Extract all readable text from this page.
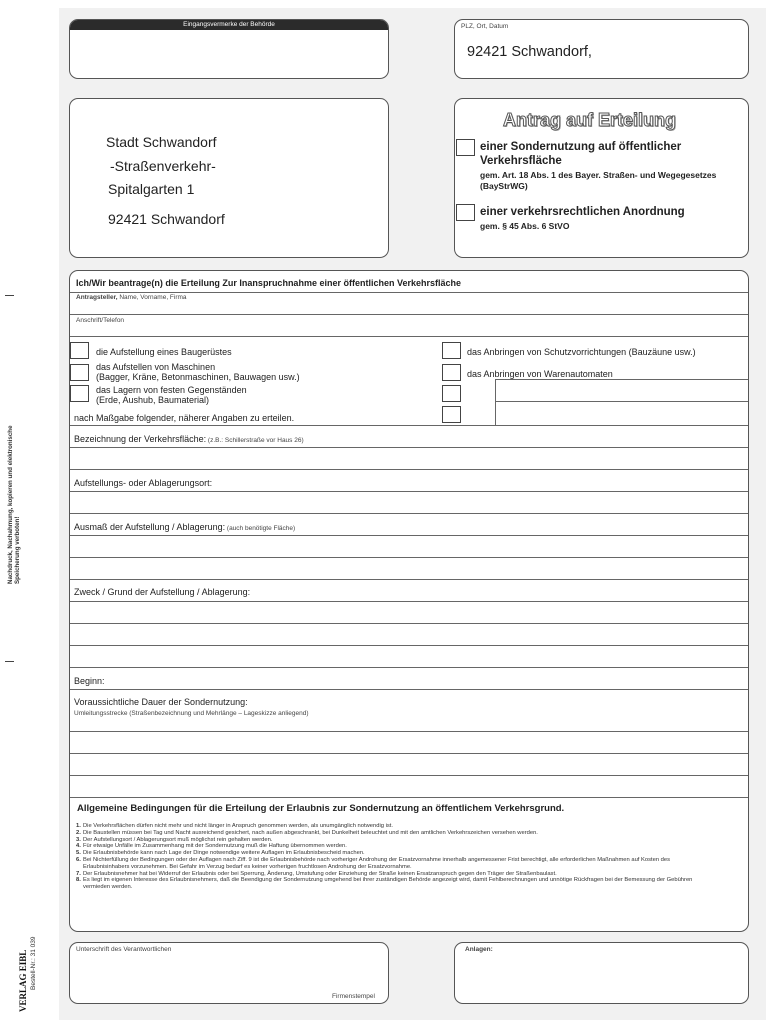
Nachdruck, Nachahmung, kopieren und elektronische Speicherung verboten!
Bestell-Nr.: 31 039
VERLAG EIBL
Eingangsvermerke der Behörde	PLZ, Ort, Datum
92421 Schwandorf,
Stadt Schwandorf
-Straßenverkehr-
Spitalgarten 1
92421 Schwandorf
Antrag auf Erteilung
einer Sondernutzung auf öffentlicher Verkehrsfläche
gem. Art. 18 Abs. 1 des Bayer. Straßen- und Wegegesetzes (BayStrWG)
einer verkehrsrechtlichen Anordnung
gem. § 45 Abs. 6 StVO
Ich/Wir beantrage(n) die Erteilung Zur Inanspruchnahme einer öffentlichen Verkehrsfläche
Antragsteller, Name, Vorname, Firma
Anschrift/Telefon
die Aufstellung eines Baugerüstes
das Aufstellen von Maschinen
(Bagger, Kräne, Betonmaschinen, Bauwagen usw.)
das Lagern von festen Gegenständen
(Erde, Aushub, Baumaterial)
nach Maßgabe folgender, näherer Angaben zu erteilen.
das Anbringen von Schutzvorrichtungen (Bauzäune usw.)
das Anbringen von Warenautomaten
Bezeichnung der Verkehrsfläche: (z.B.: Schillerstraße vor Haus 26)
Aufstellungs- oder Ablagerungsort:
Ausmaß der Aufstellung / Ablagerung: (auch benötigte Fläche)
Zweck / Grund der Aufstellung / Ablagerung:
Beginn:
Voraussichtliche Dauer der Sondernutzung:
Umleitungsstrecke (Straßenbezeichnung und Mehrlänge – Lageskizze anliegend)
Allgemeine Bedingungen für die Erteilung der Erlaubnis zur Sondernutzung an öffentlichem Verkehrsgrund.
1. Die Verkehrsflächen dürfen nicht mehr und nicht länger in Anspruch genommen werden, als unumgänglich notwendig ist.
2. Die Baustellen müssen bei Tag und Nacht ausreichend gesichert, nach außen abgeschrankt, bei Dunkelheit beleuchtet und mit den amtlichen Verkehrszeichen versehen werden.
3. Der Aufstellungsort / Ablagerungsort muß möglichst rein gehalten werden.
4. Für etwaige Unfälle im Zusammenhang mit der Sondernutzung muß die Haftung übernommen werden.
5. Die Erlaubnisbehörde kann nach Lage der Dinge notwendige weitere Auflagen im Erlaubnisbescheid machen.
6. Bei Nichterfüllung der Bedingungen oder der Auflagen nach Ziff. 9 ist die Erlaubnisbehörde nach vorheriger Androhung der Ersatzvornahme innerhalb angemessener Frist berechtigt, alle erforderlichen Maßnahmen auf Kosten des Erlaubnisinhabers vorzunehmen. Bei Gefahr im Verzug bedarf es keiner vorherigen fruchtlosen Androhung der Ersatzvornahme.
7. Der Erlaubnisnehmer hat bei Widerruf der Erlaubnis oder bei Sperrung, Änderung, Umstufung oder Einziehung der Straße keinen Ersatzanspruch gegen den Träger der Straßenbaulast.
8. Es liegt im eigenen Interesse des Erlaubnisnehmers, daß die Beendigung der Sondernutzung umgehend bei ihrer zuständigen Behörde angezeigt wird, damit Fehlberechnungen und unnötige Rückfragen bei der Bemessung der Gebühren vermieden werden.
Unterschrift des Verantwortlichen
Firmenstempel
Anlagen:
